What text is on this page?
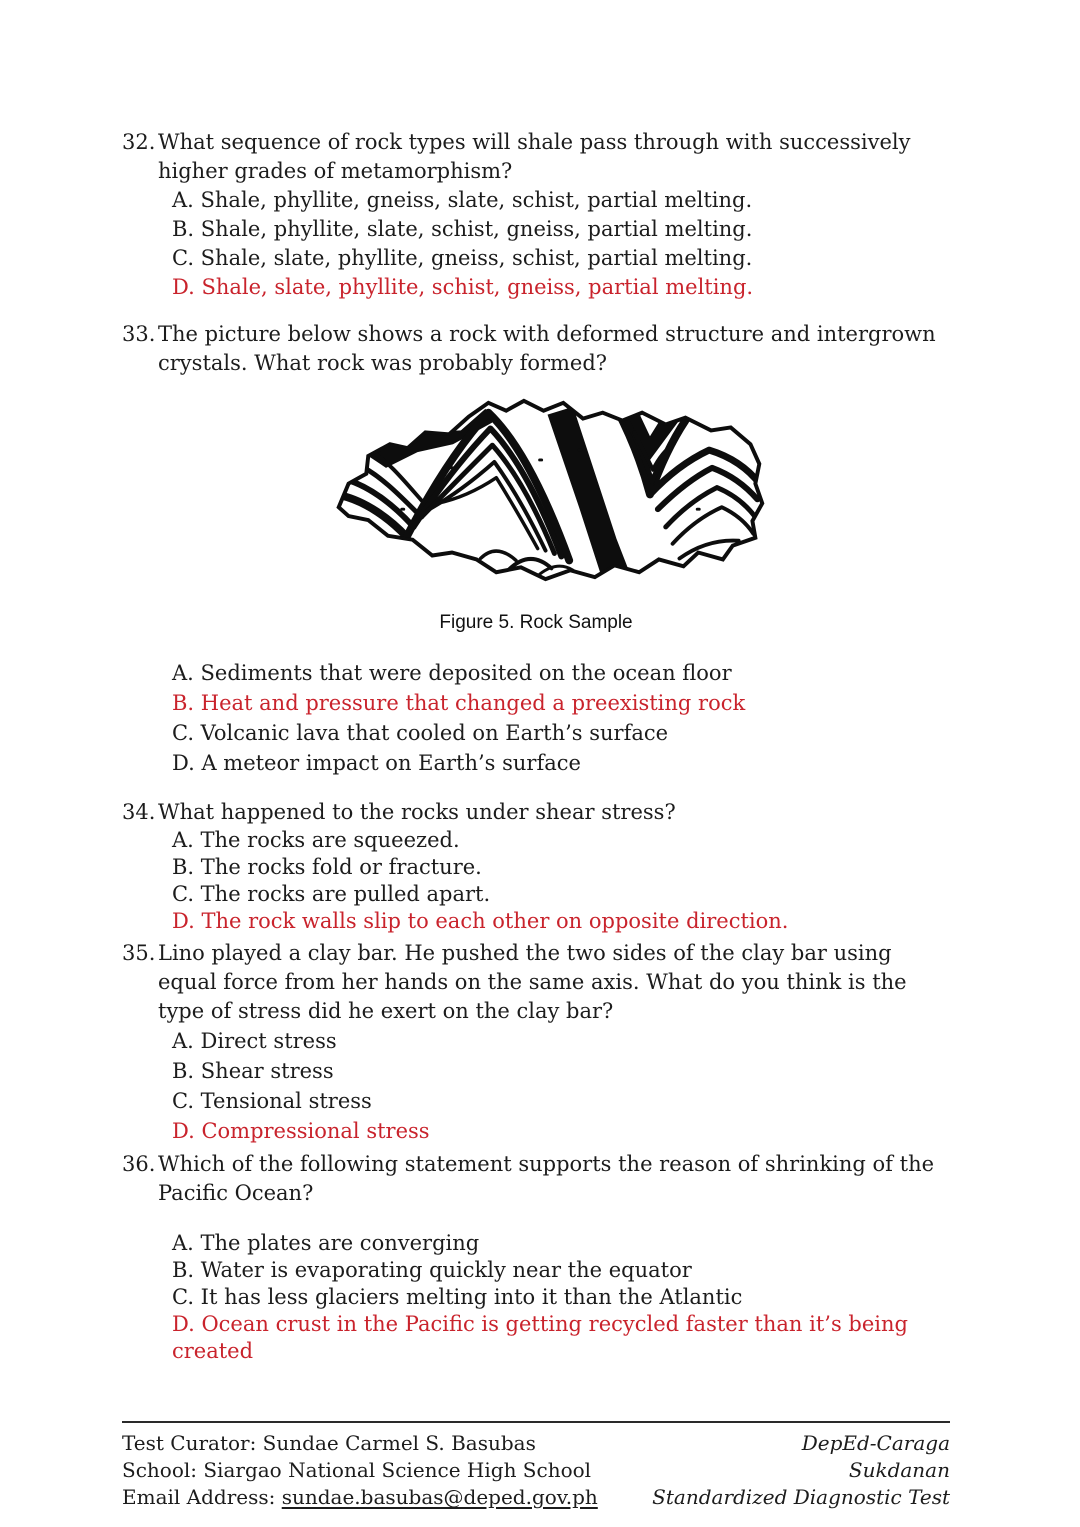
32. What sequence of rock types will shale pass through with successively higher grades of metamorphism?
A. Shale, phyllite, gneiss, slate, schist, partial melting.
B. Shale, phyllite, slate, schist, gneiss, partial melting.
C. Shale, slate, phyllite, gneiss, schist, partial melting.
D. Shale, slate, phyllite, schist, gneiss, partial melting.
33. The picture below shows a rock with deformed structure and intergrown crystals. What rock was probably formed?
Figure 5. Rock Sample
A. Sediments that were deposited on the ocean floor
B. Heat and pressure that changed a preexisting rock
C. Volcanic lava that cooled on Earth’s surface
D. A meteor impact on Earth’s surface
34. What happened to the rocks under shear stress?
A. The rocks are squeezed.
B. The rocks fold or fracture.
C. The rocks are pulled apart.
D. The rock walls slip to each other on opposite direction.
35. Lino played a clay bar. He pushed the two sides of the clay bar using equal force from her hands on the same axis. What do you think is the type of stress did he exert on the clay bar?
A. Direct stress
B. Shear stress
C. Tensional stress
D. Compressional stress
36. Which of the following statement supports the reason of shrinking of the Pacific Ocean?
A. The plates are converging
B. Water is evaporating quickly near the equator
C. It has less glaciers melting into it than the Atlantic
D. Ocean crust in the Pacific is getting recycled faster than it’s being created
Test Curator: Sundae Carmel S. Basubas
School: Siargao National Science High School
Email Address: sundae.basubas@deped.gov.ph
DepEd-Caraga
Sukdanan
Standardized Diagnostic Test
